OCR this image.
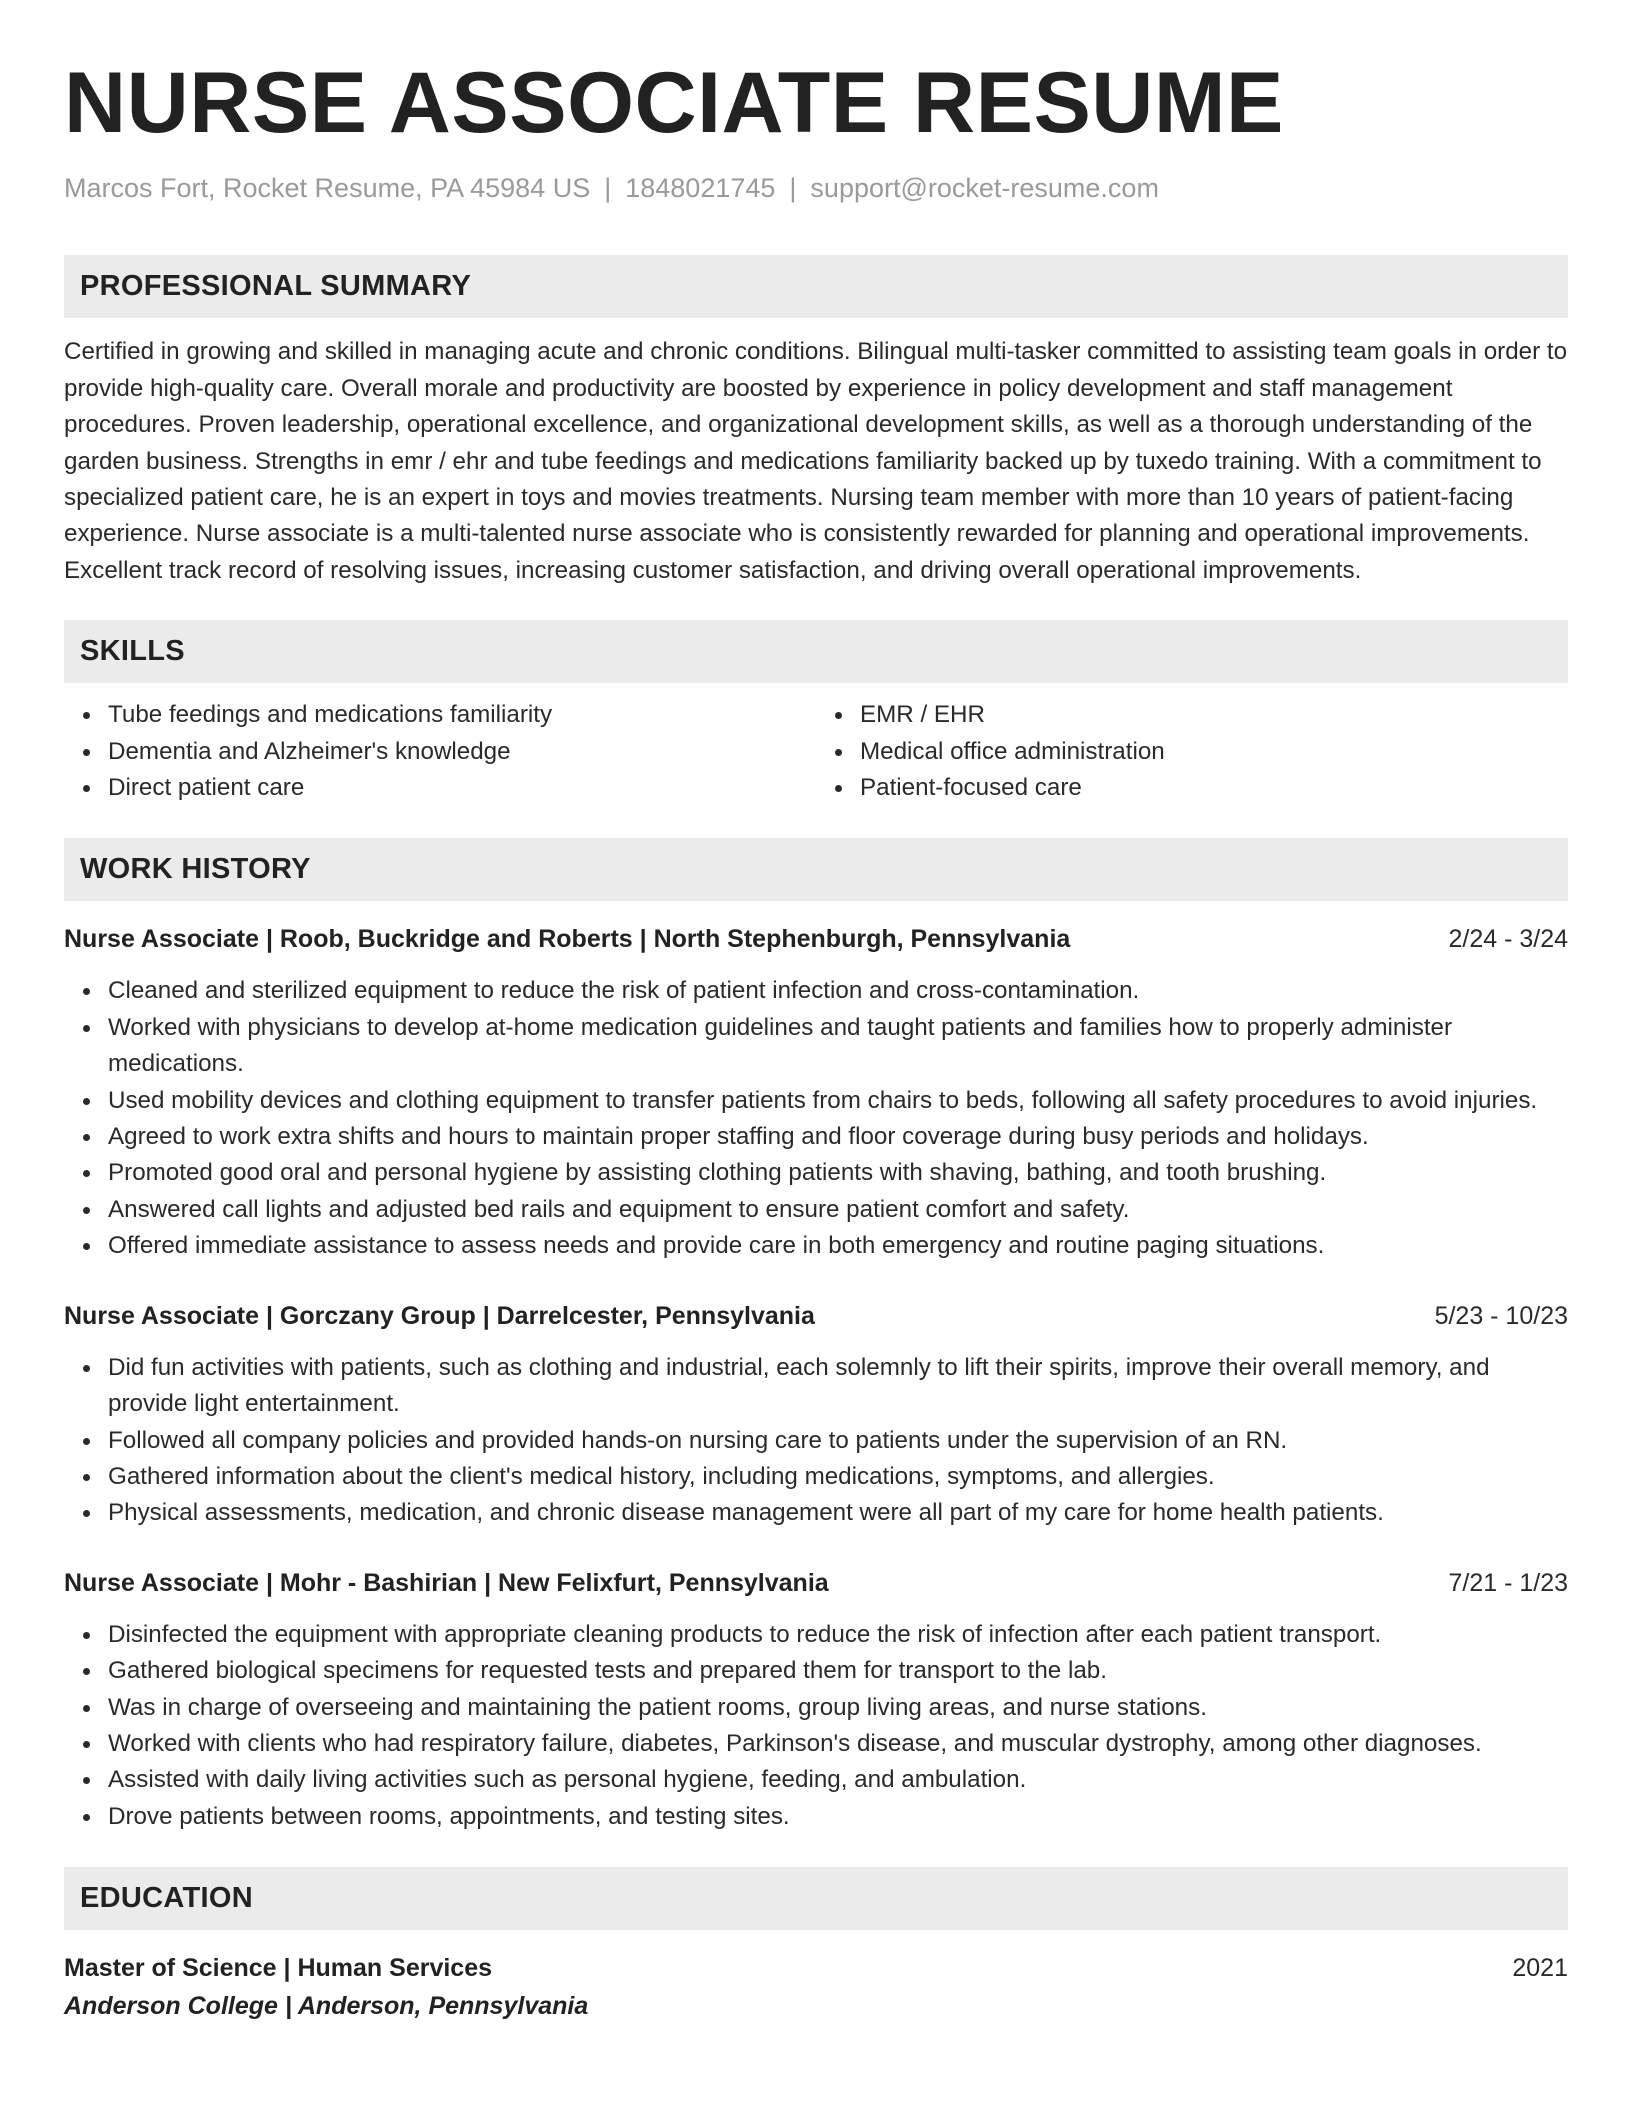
NURSE ASSOCIATE RESUME
Marcos Fort, Rocket Resume, PA 45984 US | 1848021745 | support@rocket-resume.com
PROFESSIONAL SUMMARY
Certified in growing and skilled in managing acute and chronic conditions. Bilingual multi-tasker committed to assisting team goals in order to provide high-quality care. Overall morale and productivity are boosted by experience in policy development and staff management procedures. Proven leadership, operational excellence, and organizational development skills, as well as a thorough understanding of the garden business. Strengths in emr / ehr and tube feedings and medications familiarity backed up by tuxedo training. With a commitment to specialized patient care, he is an expert in toys and movies treatments. Nursing team member with more than 10 years of patient-facing experience. Nurse associate is a multi-talented nurse associate who is consistently rewarded for planning and operational improvements. Excellent track record of resolving issues, increasing customer satisfaction, and driving overall operational improvements.
SKILLS
Tube feedings and medications familiarity
Dementia and Alzheimer's knowledge
Direct patient care
EMR / EHR
Medical office administration
Patient-focused care
WORK HISTORY
Nurse Associate | Roob, Buckridge and Roberts | North Stephenburgh, Pennsylvania	2/24 - 3/24
Cleaned and sterilized equipment to reduce the risk of patient infection and cross-contamination.
Worked with physicians to develop at-home medication guidelines and taught patients and families how to properly administer medications.
Used mobility devices and clothing equipment to transfer patients from chairs to beds, following all safety procedures to avoid injuries.
Agreed to work extra shifts and hours to maintain proper staffing and floor coverage during busy periods and holidays.
Promoted good oral and personal hygiene by assisting clothing patients with shaving, bathing, and tooth brushing.
Answered call lights and adjusted bed rails and equipment to ensure patient comfort and safety.
Offered immediate assistance to assess needs and provide care in both emergency and routine paging situations.
Nurse Associate | Gorczany Group | Darrelcester, Pennsylvania	5/23 - 10/23
Did fun activities with patients, such as clothing and industrial, each solemnly to lift their spirits, improve their overall memory, and provide light entertainment.
Followed all company policies and provided hands-on nursing care to patients under the supervision of an RN.
Gathered information about the client's medical history, including medications, symptoms, and allergies.
Physical assessments, medication, and chronic disease management were all part of my care for home health patients.
Nurse Associate | Mohr - Bashirian | New Felixfurt, Pennsylvania	7/21 - 1/23
Disinfected the equipment with appropriate cleaning products to reduce the risk of infection after each patient transport.
Gathered biological specimens for requested tests and prepared them for transport to the lab.
Was in charge of overseeing and maintaining the patient rooms, group living areas, and nurse stations.
Worked with clients who had respiratory failure, diabetes, Parkinson's disease, and muscular dystrophy, among other diagnoses.
Assisted with daily living activities such as personal hygiene, feeding, and ambulation.
Drove patients between rooms, appointments, and testing sites.
EDUCATION
Master of Science | Human Services	2021
Anderson College | Anderson, Pennsylvania
